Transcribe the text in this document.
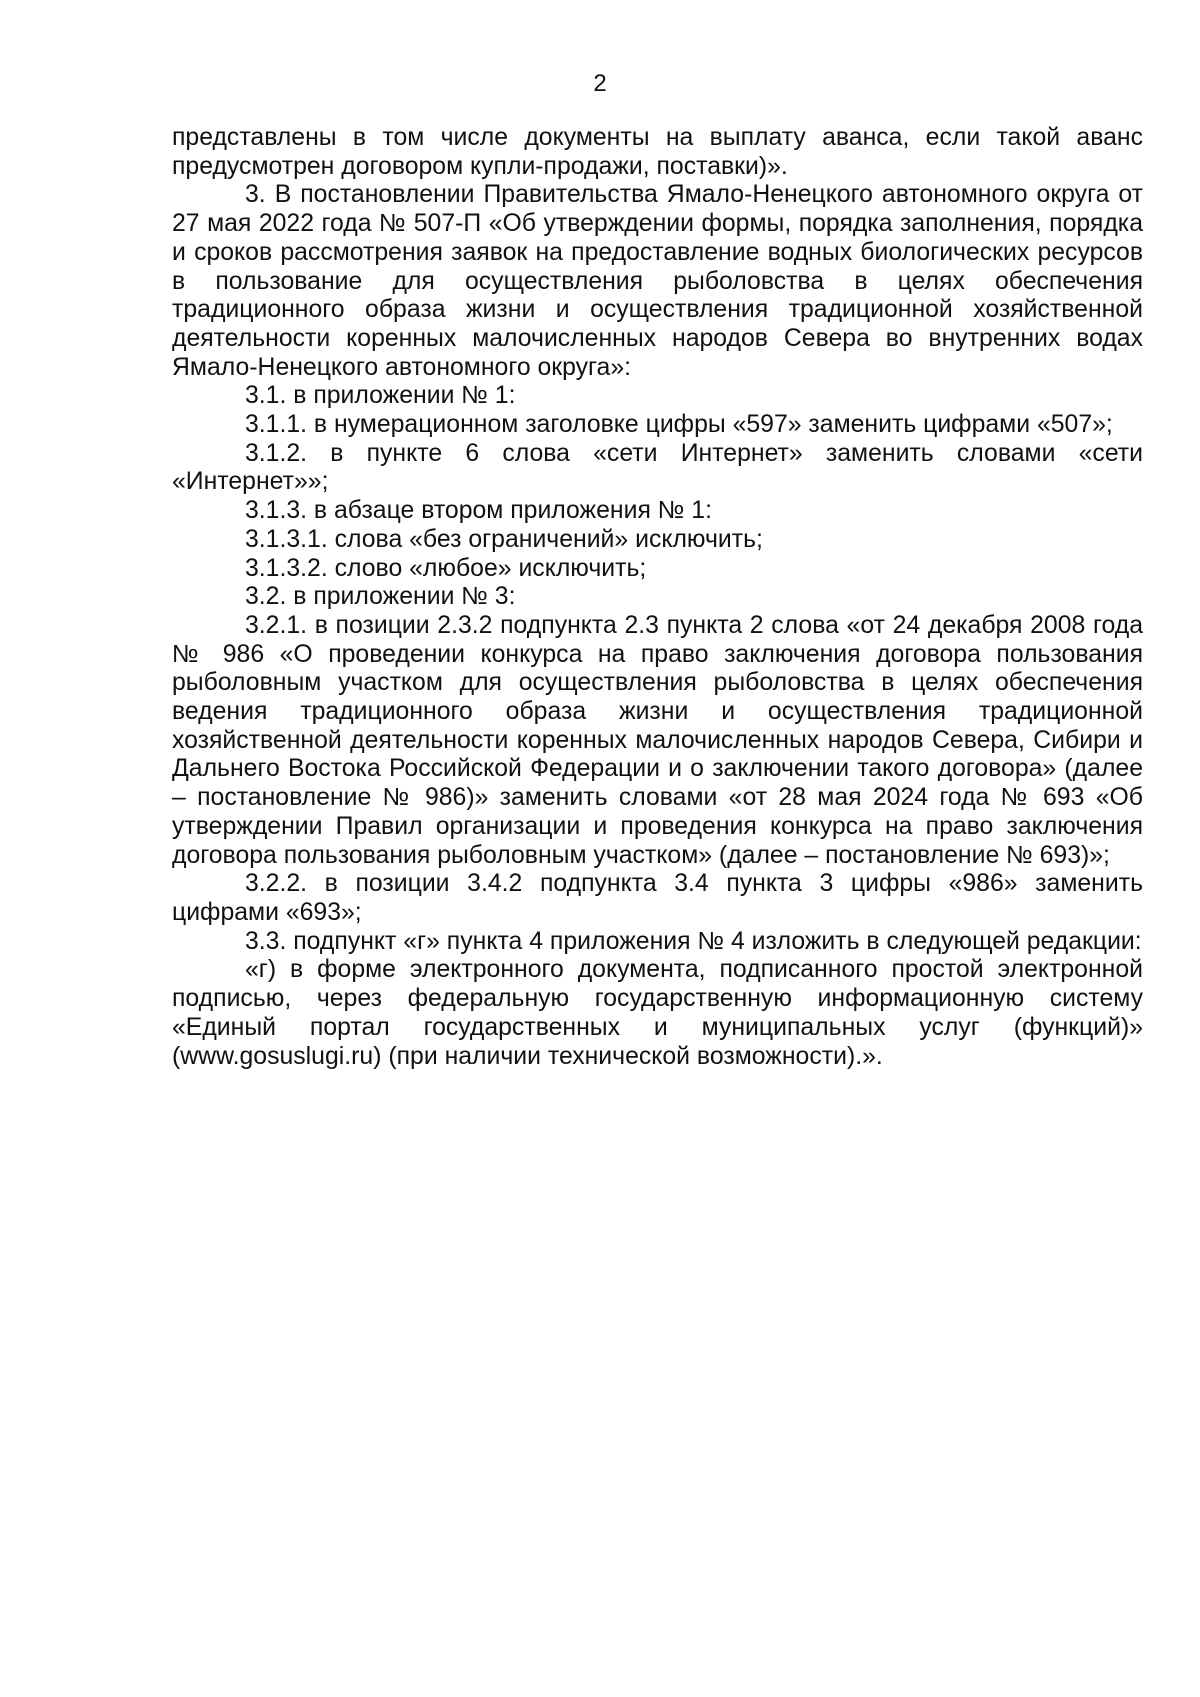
2

представлены в том числе документы на выплату аванса, если такой аванс предусмотрен договором купли-продажи, поставки)».

3. В постановлении Правительства Ямало-Ненецкого автономного округа от 27 мая 2022 года № 507-П «Об утверждении формы, порядка заполнения, порядка и сроков рассмотрения заявок на предоставление водных биологических ресурсов в пользование для осуществления рыболовства в целях обеспечения традиционного образа жизни и осуществления традиционной хозяйственной деятельности коренных малочисленных народов Севера во внутренних водах Ямало-Ненецкого автономного округа»:

3.1. в приложении № 1:

3.1.1. в нумерационном заголовке цифры «597» заменить цифрами «507»;

3.1.2. в пункте 6 слова «сети Интернет» заменить словами «сети «Интернет»»;

3.1.3. в абзаце втором приложения № 1:

3.1.3.1. слова «без ограничений» исключить;

3.1.3.2. слово «любое» исключить;

3.2. в приложении № 3:

3.2.1. в позиции 2.3.2 подпункта 2.3 пункта 2 слова «от 24 декабря 2008 года № 986 «О проведении конкурса на право заключения договора пользования рыболовным участком для осуществления рыболовства в целях обеспечения ведения традиционного образа жизни и осуществления традиционной хозяйственной деятельности коренных малочисленных народов Севера, Сибири и Дальнего Востока Российской Федерации и о заключении такого договора» (далее – постановление № 986)» заменить словами «от 28 мая 2024 года № 693 «Об утверждении Правил организации и проведения конкурса на право заключения договора пользования рыболовным участком» (далее – постановление № 693)»;

3.2.2. в позиции 3.4.2 подпункта 3.4 пункта 3 цифры «986» заменить цифрами «693»;

3.3. подпункт «г» пункта 4 приложения № 4 изложить в следующей редакции:

«г) в форме электронного документа, подписанного простой электронной подписью, через федеральную государственную информационную систему «Единый портал государственных и муниципальных услуг (функций)» (www.gosuslugi.ru) (при наличии технической возможности).».
